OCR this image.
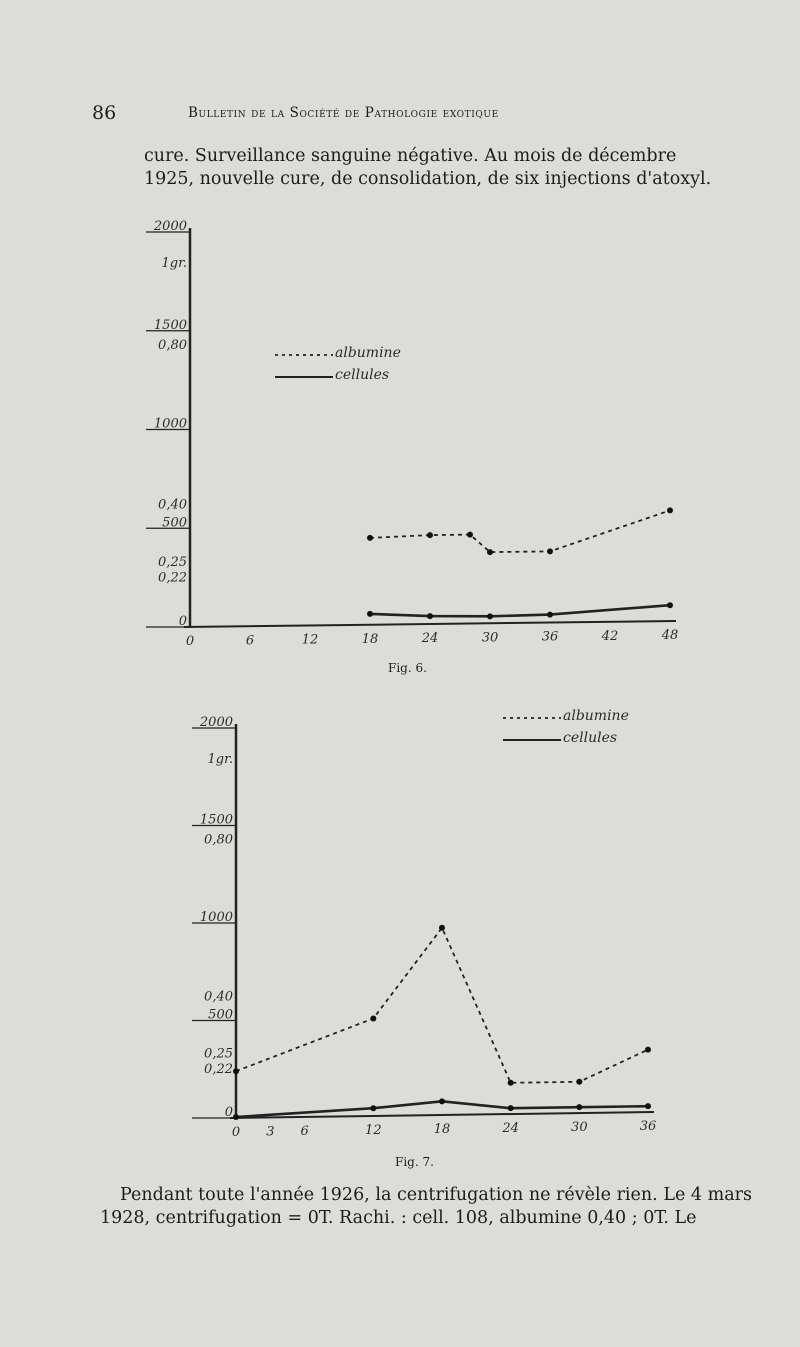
86	Bulletin de la Société de Pathologie exotique

cure. Surveillance sanguine négative. Au mois de décembre 1925, nouvelle cure, de consolidation, de six injections d'atoxyl.

2000
1500
1000
500
0
1gr.
0,80
0,40
0,25
0,22
0	6	12	18	24	30	36	42	48
albumine
cellules
Fig. 6.
2000
1500
1000
500
0
1gr.
0,80
0,40
0,25
0,22
0 3 6	12	18	24	30	36
albumine
cellules
Fig. 7.

Pendant toute l'année 1926, la centrifugation ne révèle rien. Le 4 mars 1928, centrifugation = 0T. Rachi. : cell. 108, albumine 0,40 ; 0T. Le
